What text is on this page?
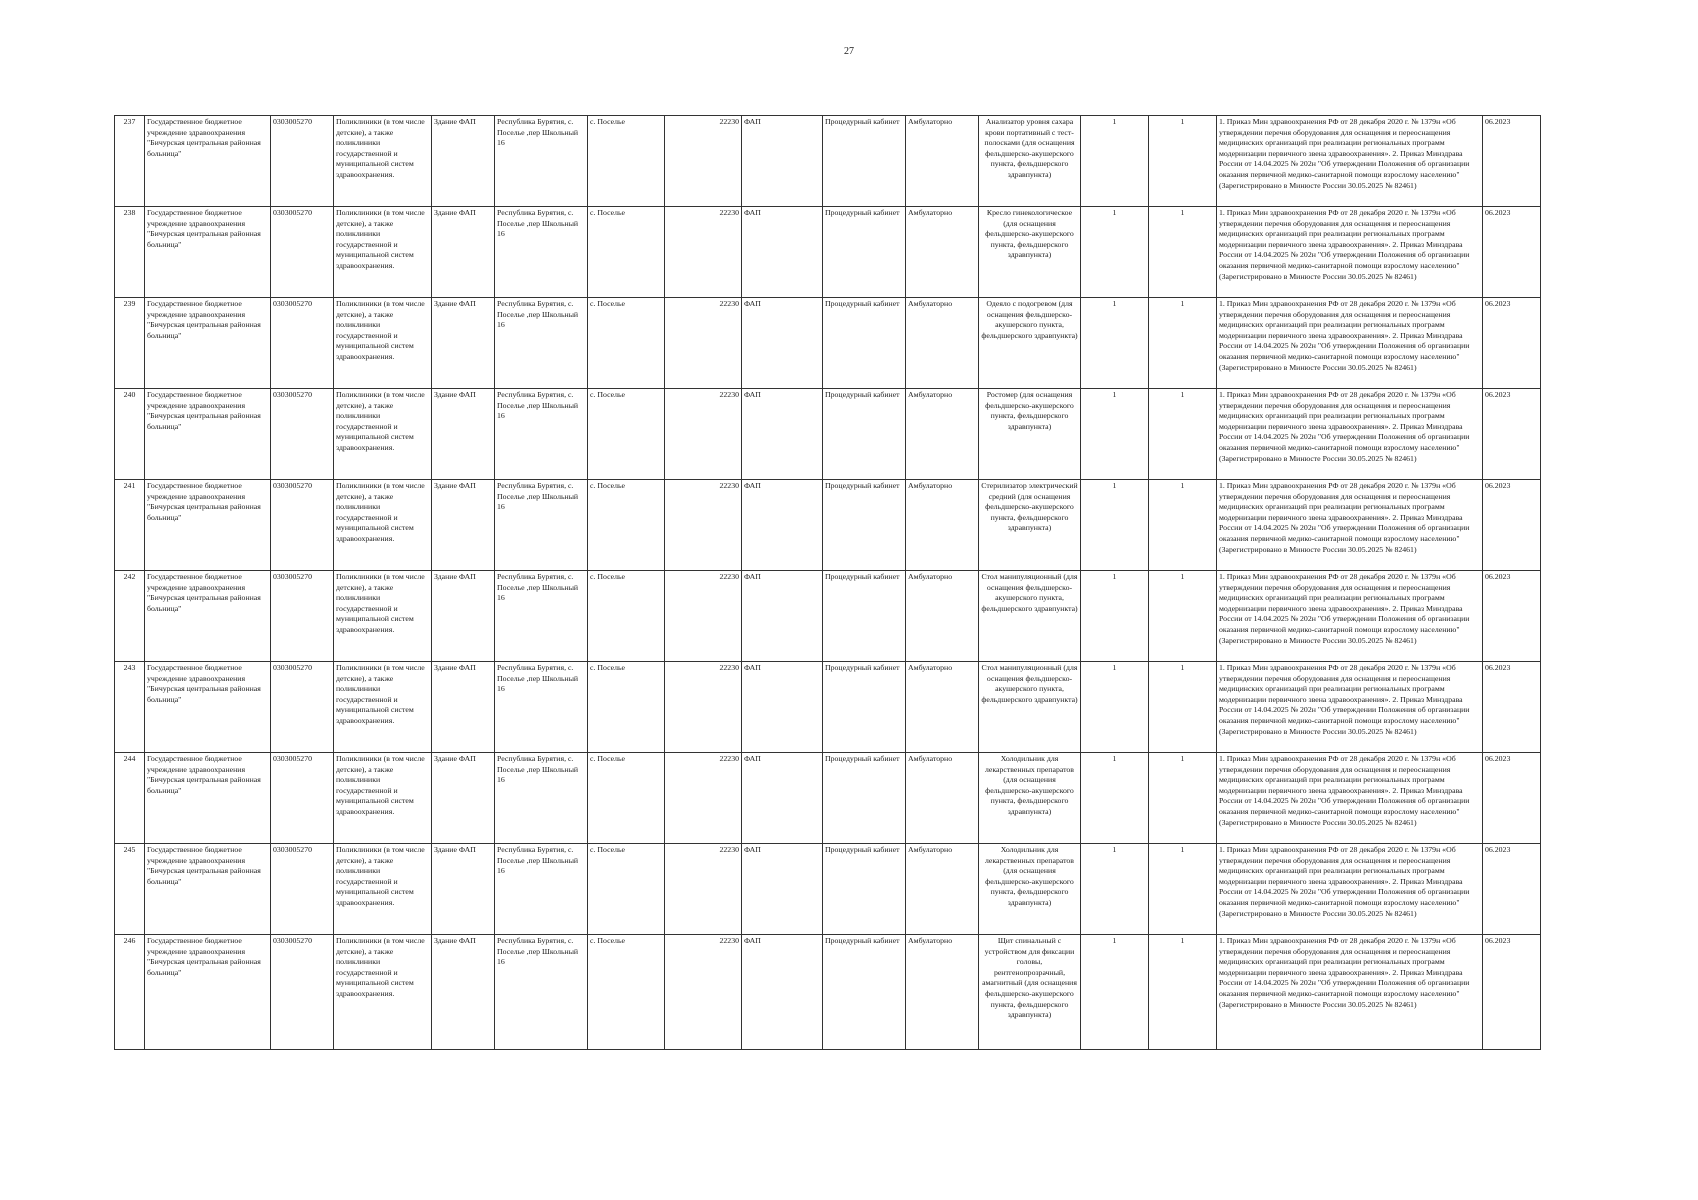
27
237	Государственное бюджетное учреждение здравоохранения "Бичурская центральная районная больница"	0303005270	Поликлиники (в том числе детские), а также поликлиники государственной и муниципальной систем здравоохранения.	Здание ФАП	Республика Бурятия, с. Поселье ,пер Школьный 16	с. Поселье	22230	ФАП	Процедурный кабинет	Амбулаторно	Анализатор уровня сахара крови портативный с тест-полосками (для оснащения фельдшерско-акушерского пункта, фельдшерского здравпункта)	1	1	1. Приказ Мин здравоохранения РФ от 28 декабря 2020 г. № 1379н «Об утверждении перечня оборудования для оснащения и переоснащения медицинских организаций при реализации региональных программ модернизации первичного звена здравоохранения». 2. Приказ Минздрава России от 14.04.2025 № 202н "Об утверждении Положения об организации оказания первичной медико-санитарной помощи взрослому населению" (Зарегистрировано в Минюсте России 30.05.2025 № 82461)	06.2023
238	Государственное бюджетное учреждение здравоохранения "Бичурская центральная районная больница"	0303005270	Поликлиники (в том числе детские), а также поликлиники государственной и муниципальной систем здравоохранения.	Здание ФАП	Республика Бурятия, с. Поселье ,пер Школьный 16	с. Поселье	22230	ФАП	Процедурный кабинет	Амбулаторно	Кресло гинекологическое (для оснащения фельдшерско-акушерского пункта, фельдшерского здравпункта)	1	1	1. Приказ Мин здравоохранения РФ от 28 декабря 2020 г. № 1379н «Об утверждении перечня оборудования для оснащения и переоснащения медицинских организаций при реализации региональных программ модернизации первичного звена здравоохранения». 2. Приказ Минздрава России от 14.04.2025 № 202н "Об утверждении Положения об организации оказания первичной медико-санитарной помощи взрослому населению" (Зарегистрировано в Минюсте России 30.05.2025 № 82461)	06.2023
239	Государственное бюджетное учреждение здравоохранения "Бичурская центральная районная больница"	0303005270	Поликлиники (в том числе детские), а также поликлиники государственной и муниципальной систем здравоохранения.	Здание ФАП	Республика Бурятия, с. Поселье ,пер Школьный 16	с. Поселье	22230	ФАП	Процедурный кабинет	Амбулаторно	Одеяло с подогревом (для оснащения фельдшерско-акушерского пункта, фельдшерского здравпункта)	1	1	1. Приказ Мин здравоохранения РФ от 28 декабря 2020 г. № 1379н «Об утверждении перечня оборудования для оснащения и переоснащения медицинских организаций при реализации региональных программ модернизации первичного звена здравоохранения». 2. Приказ Минздрава России от 14.04.2025 № 202н "Об утверждении Положения об организации оказания первичной медико-санитарной помощи взрослому населению" (Зарегистрировано в Минюсте России 30.05.2025 № 82461)	06.2023
240	Государственное бюджетное учреждение здравоохранения "Бичурская центральная районная больница"	0303005270	Поликлиники (в том числе детские), а также поликлиники государственной и муниципальной систем здравоохранения.	Здание ФАП	Республика Бурятия, с. Поселье ,пер Школьный 16	с. Поселье	22230	ФАП	Процедурный кабинет	Амбулаторно	Ростомер (для оснащения фельдшерско-акушерского пункта, фельдшерского здравпункта)	1	1	1. Приказ Мин здравоохранения РФ от 28 декабря 2020 г. № 1379н «Об утверждении перечня оборудования для оснащения и переоснащения медицинских организаций при реализации региональных программ модернизации первичного звена здравоохранения». 2. Приказ Минздрава России от 14.04.2025 № 202н "Об утверждении Положения об организации оказания первичной медико-санитарной помощи взрослому населению" (Зарегистрировано в Минюсте России 30.05.2025 № 82461)	06.2023
241	Государственное бюджетное учреждение здравоохранения "Бичурская центральная районная больница"	0303005270	Поликлиники (в том числе детские), а также поликлиники государственной и муниципальной систем здравоохранения.	Здание ФАП	Республика Бурятия, с. Поселье ,пер Школьный 16	с. Поселье	22230	ФАП	Процедурный кабинет	Амбулаторно	Стерилизатор электрический средний (для оснащения фельдшерско-акушерского пункта, фельдшерского здравпункта)	1	1	1. Приказ Мин здравоохранения РФ от 28 декабря 2020 г. № 1379н «Об утверждении перечня оборудования для оснащения и переоснащения медицинских организаций при реализации региональных программ модернизации первичного звена здравоохранения». 2. Приказ Минздрава России от 14.04.2025 № 202н "Об утверждении Положения об организации оказания первичной медико-санитарной помощи взрослому населению" (Зарегистрировано в Минюсте России 30.05.2025 № 82461)	06.2023
242	Государственное бюджетное учреждение здравоохранения "Бичурская центральная районная больница"	0303005270	Поликлиники (в том числе детские), а также поликлиники государственной и муниципальной систем здравоохранения.	Здание ФАП	Республика Бурятия, с. Поселье ,пер Школьный 16	с. Поселье	22230	ФАП	Процедурный кабинет	Амбулаторно	Стол манипуляционный (для оснащения фельдшерско-акушерского пункта, фельдшерского здравпункта)	1	1	1. Приказ Мин здравоохранения РФ от 28 декабря 2020 г. № 1379н «Об утверждении перечня оборудования для оснащения и переоснащения медицинских организаций при реализации региональных программ модернизации первичного звена здравоохранения». 2. Приказ Минздрава России от 14.04.2025 № 202н "Об утверждении Положения об организации оказания первичной медико-санитарной помощи взрослому населению" (Зарегистрировано в Минюсте России 30.05.2025 № 82461)	06.2023
243	Государственное бюджетное учреждение здравоохранения "Бичурская центральная районная больница"	0303005270	Поликлиники (в том числе детские), а также поликлиники государственной и муниципальной систем здравоохранения.	Здание ФАП	Республика Бурятия, с. Поселье ,пер Школьный 16	с. Поселье	22230	ФАП	Процедурный кабинет	Амбулаторно	Стол манипуляционный (для оснащения фельдшерско-акушерского пункта, фельдшерского здравпункта)	1	1	1. Приказ Мин здравоохранения РФ от 28 декабря 2020 г. № 1379н «Об утверждении перечня оборудования для оснащения и переоснащения медицинских организаций при реализации региональных программ модернизации первичного звена здравоохранения». 2. Приказ Минздрава России от 14.04.2025 № 202н "Об утверждении Положения об организации оказания первичной медико-санитарной помощи взрослому населению" (Зарегистрировано в Минюсте России 30.05.2025 № 82461)	06.2023
244	Государственное бюджетное учреждение здравоохранения "Бичурская центральная районная больница"	0303005270	Поликлиники (в том числе детские), а также поликлиники государственной и муниципальной систем здравоохранения.	Здание ФАП	Республика Бурятия, с. Поселье ,пер Школьный 16	с. Поселье	22230	ФАП	Процедурный кабинет	Амбулаторно	Холодильник для лекарственных препаратов (для оснащения фельдшерско-акушерского пункта, фельдшерского здравпункта)	1	1	1. Приказ Мин здравоохранения РФ от 28 декабря 2020 г. № 1379н «Об утверждении перечня оборудования для оснащения и переоснащения медицинских организаций при реализации региональных программ модернизации первичного звена здравоохранения». 2. Приказ Минздрава России от 14.04.2025 № 202н "Об утверждении Положения об организации оказания первичной медико-санитарной помощи взрослому населению" (Зарегистрировано в Минюсте России 30.05.2025 № 82461)	06.2023
245	Государственное бюджетное учреждение здравоохранения "Бичурская центральная районная больница"	0303005270	Поликлиники (в том числе детские), а также поликлиники государственной и муниципальной систем здравоохранения.	Здание ФАП	Республика Бурятия, с. Поселье ,пер Школьный 16	с. Поселье	22230	ФАП	Процедурный кабинет	Амбулаторно	Холодильник для лекарственных препаратов (для оснащения фельдшерско-акушерского пункта, фельдшерского здравпункта)	1	1	1. Приказ Мин здравоохранения РФ от 28 декабря 2020 г. № 1379н «Об утверждении перечня оборудования для оснащения и переоснащения медицинских организаций при реализации региональных программ модернизации первичного звена здравоохранения». 2. Приказ Минздрава России от 14.04.2025 № 202н "Об утверждении Положения об организации оказания первичной медико-санитарной помощи взрослому населению" (Зарегистрировано в Минюсте России 30.05.2025 № 82461)	06.2023
246	Государственное бюджетное учреждение здравоохранения "Бичурская центральная районная больница"	0303005270	Поликлиники (в том числе детские), а также поликлиники государственной и муниципальной систем здравоохранения.	Здание ФАП	Республика Бурятия, с. Поселье ,пер Школьный 16	с. Поселье	22230	ФАП	Процедурный кабинет	Амбулаторно	Щит спинальный с устройством для фиксации головы, рентгенопрозрачный, амагнитный (для оснащения фельдшерско-акушерского пункта, фельдшерского здравпункта)	1	1	1. Приказ Мин здравоохранения РФ от 28 декабря 2020 г. № 1379н «Об утверждении перечня оборудования для оснащения и переоснащения медицинских организаций при реализации региональных программ модернизации первичного звена здравоохранения». 2. Приказ Минздрава России от 14.04.2025 № 202н "Об утверждении Положения об организации оказания первичной медико-санитарной помощи взрослому населению" (Зарегистрировано в Минюсте России 30.05.2025 № 82461)	06.2023
